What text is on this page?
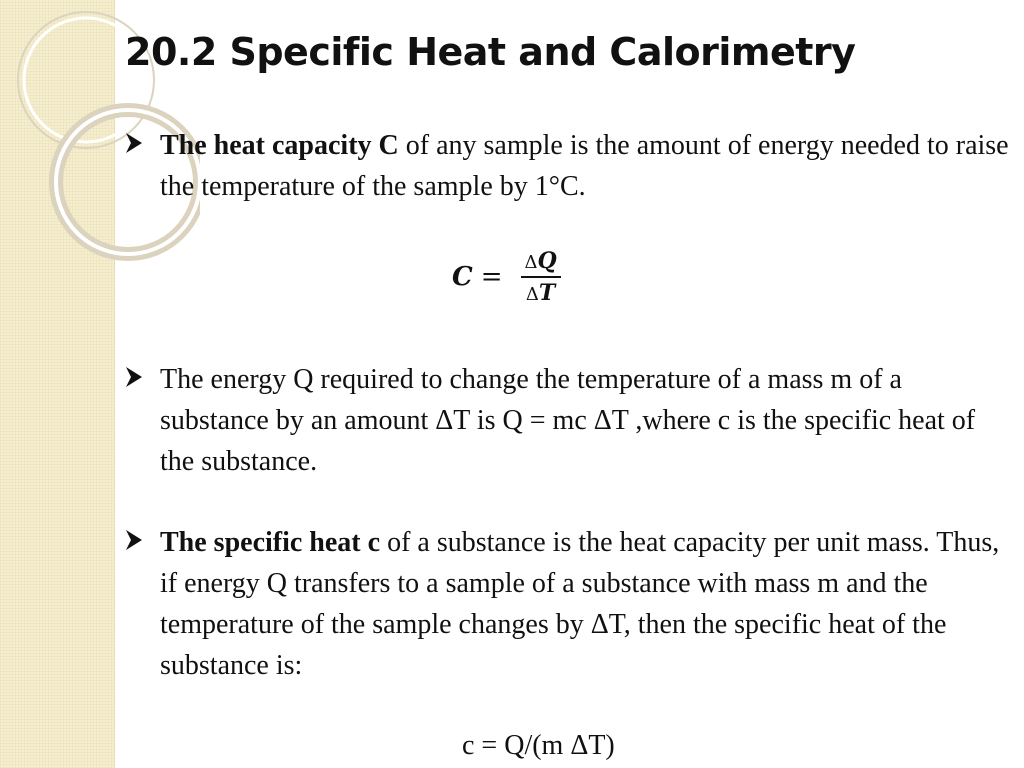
20.2 Specific Heat and Calorimetry
The heat capacity C of any sample is the amount of energy needed to raise the temperature of the sample by 1°C.
$C = \frac{\Delta Q}{\Delta T}$
The energy Q required to change the temperature of a mass m of a substance by an amount ΔT is Q = mc ΔT ,where c is the specific heat of the substance.
The specific heat c of a substance is the heat capacity per unit mass. Thus, if energy Q transfers to a sample of a substance with mass m and the temperature of the sample changes by ΔT, then the specific heat of the substance is:
c = Q/(m ΔT)
